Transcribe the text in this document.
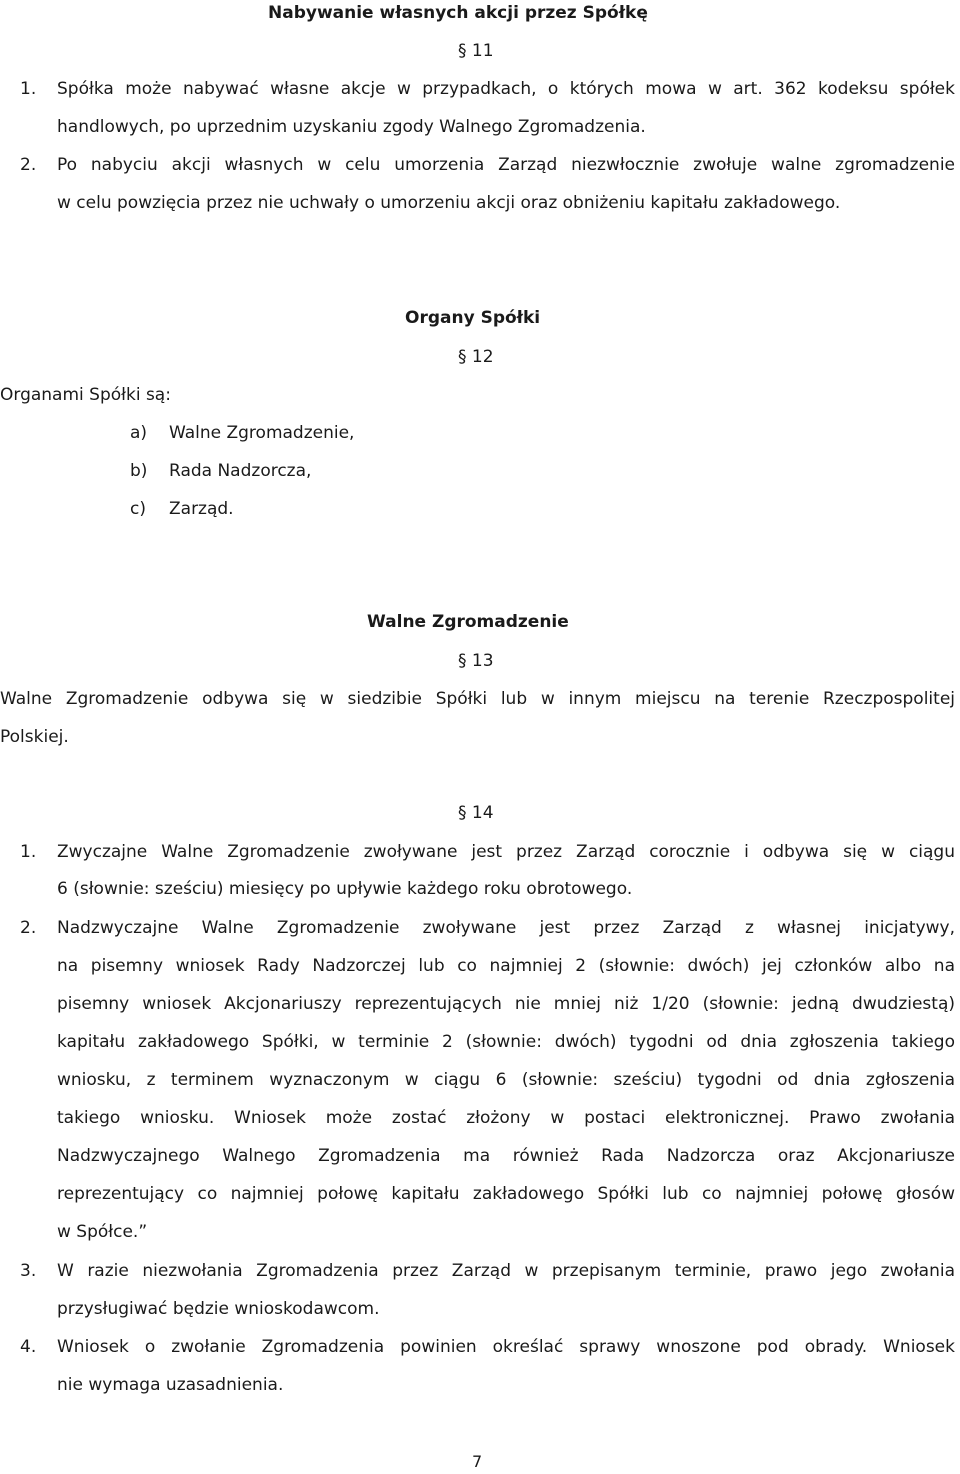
Nabywanie własnych akcji przez Spółkę
§ 11
1. Spółka może nabywać własne akcje w przypadkach, o których mowa w art. 362 kodeksu spółek
handlowych, po uprzednim uzyskaniu zgody Walnego Zgromadzenia.
2. Po nabyciu akcji własnych w celu umorzenia Zarząd niezwłocznie zwołuje walne zgromadzenie
w celu powzięcia przez nie uchwały o umorzeniu akcji oraz obniżeniu kapitału zakładowego.
Organy Spółki
§ 12
Organami Spółki są:
a) Walne Zgromadzenie,
b) Rada Nadzorcza,
c) Zarząd.
Walne Zgromadzenie
§ 13
Walne Zgromadzenie odbywa się w siedzibie Spółki lub w innym miejscu na terenie Rzeczpospolitej
Polskiej.
§ 14
1. Zwyczajne Walne Zgromadzenie zwoływane jest przez Zarząd corocznie i odbywa się w ciągu
6 (słownie: sześciu) miesięcy po upływie każdego roku obrotowego.
2. Nadzwyczajne Walne Zgromadzenie zwoływane jest przez Zarząd z własnej inicjatywy,
na pisemny wniosek Rady Nadzorczej lub co najmniej 2 (słownie: dwóch) jej członków albo na
pisemny wniosek Akcjonariuszy reprezentujących nie mniej niż 1/20 (słownie: jedną dwudziestą)
kapitału zakładowego Spółki, w terminie 2 (słownie: dwóch) tygodni od dnia zgłoszenia takiego
wniosku, z terminem wyznaczonym w ciągu 6 (słownie: sześciu) tygodni od dnia zgłoszenia
takiego wniosku. Wniosek może zostać złożony w postaci elektronicznej. Prawo zwołania
Nadzwyczajnego Walnego Zgromadzenia ma również Rada Nadzorcza oraz Akcjonariusze
reprezentujący co najmniej połowę kapitału zakładowego Spółki lub co najmniej połowę głosów
w Spółce.”
3. W razie niezwołania Zgromadzenia przez Zarząd w przepisanym terminie, prawo jego zwołania
przysługiwać będzie wnioskodawcom.
4. Wniosek o zwołanie Zgromadzenia powinien określać sprawy wnoszone pod obrady. Wniosek
nie wymaga uzasadnienia.
7
